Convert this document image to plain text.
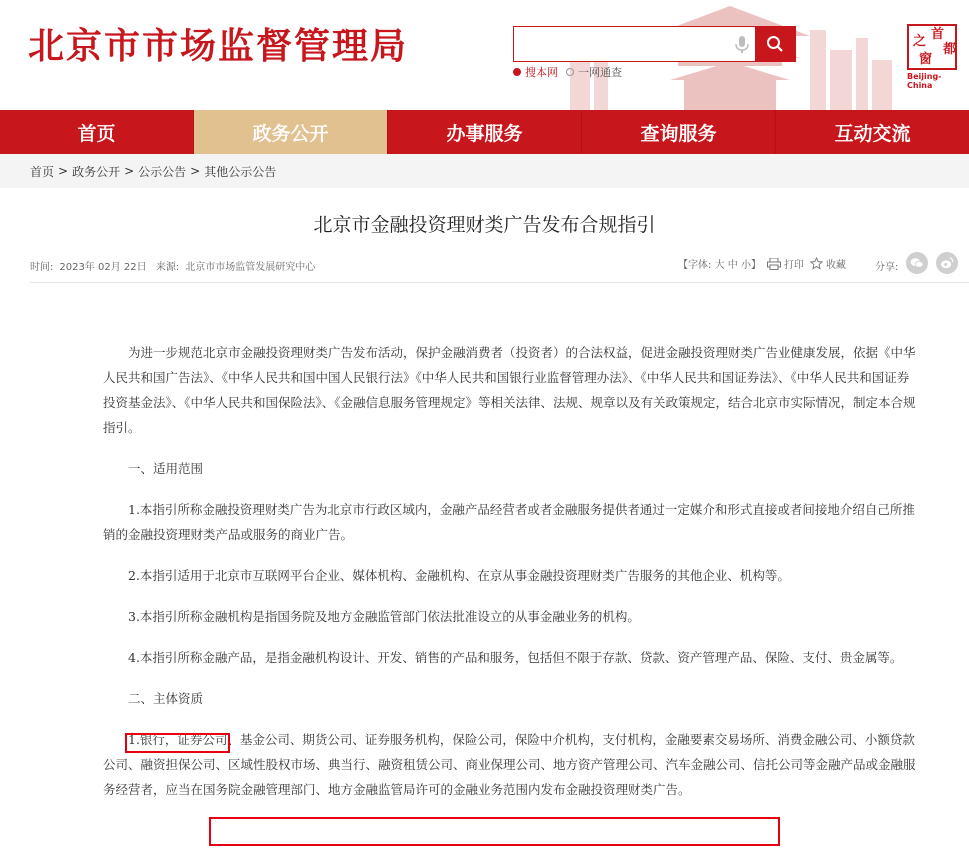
北京市市场监督管理局
搜本网 一网通查
首
都
之
窗
Beijing-China
首页	政务公开	办事服务	查询服务	互动交流
首页 > 政务公开 > 公示公告 > 其他公示公告
北京市金融投资理财类广告发布合规指引
时间: 2023年 02月 22日 来源: 北京市市场监管发展研究中心	【字体: 大 中 小】 打印 收藏	分享:

为进一步规范北京市金融投资理财类广告发布活动，保护金融消费者（投资者）的合法权益，促进金融投资理财类广告业健康发展，依据《中华人民共和国广告法》、《中华人民共和国中国人民银行法》《中华人民共和国银行业监督管理办法》、《中华人民共和国证券法》、《中华人民共和国证券投资基金法》、《中华人民共和国保险法》、《金融信息服务管理规定》等相关法律、法规、规章以及有关政策规定，结合北京市实际情况，制定本合规指引。

一、适用范围

1.本指引所称金融投资理财类广告为北京市行政区域内，金融产品经营者或者金融服务提供者通过一定媒介和形式直接或者间接地介绍自己所推销的金融投资理财类产品或服务的商业广告。

2.本指引适用于北京市互联网平台企业、媒体机构、金融机构、在京从事金融投资理财类广告服务的其他企业、机构等。

3.本指引所称金融机构是指国务院及地方金融监管部门依法批准设立的从事金融业务的机构。

4.本指引所称金融产品，是指金融机构设计、开发、销售的产品和服务，包括但不限于存款、贷款、资产管理产品、保险、支付、贵金属等。

二、主体资质

1.银行，证券公司、基金公司、期货公司、证券服务机构，保险公司，保险中介机构，支付机构，金融要素交易场所、消费金融公司、小额贷款公司、融资担保公司、区域性股权市场、典当行、融资租赁公司、商业保理公司、地方资产管理公司、汽车金融公司、信托公司等金融产品或金融服务经营者，应当在国务院金融管理部门、地方金融监管局许可的金融业务范围内发布金融投资理财类广告。
